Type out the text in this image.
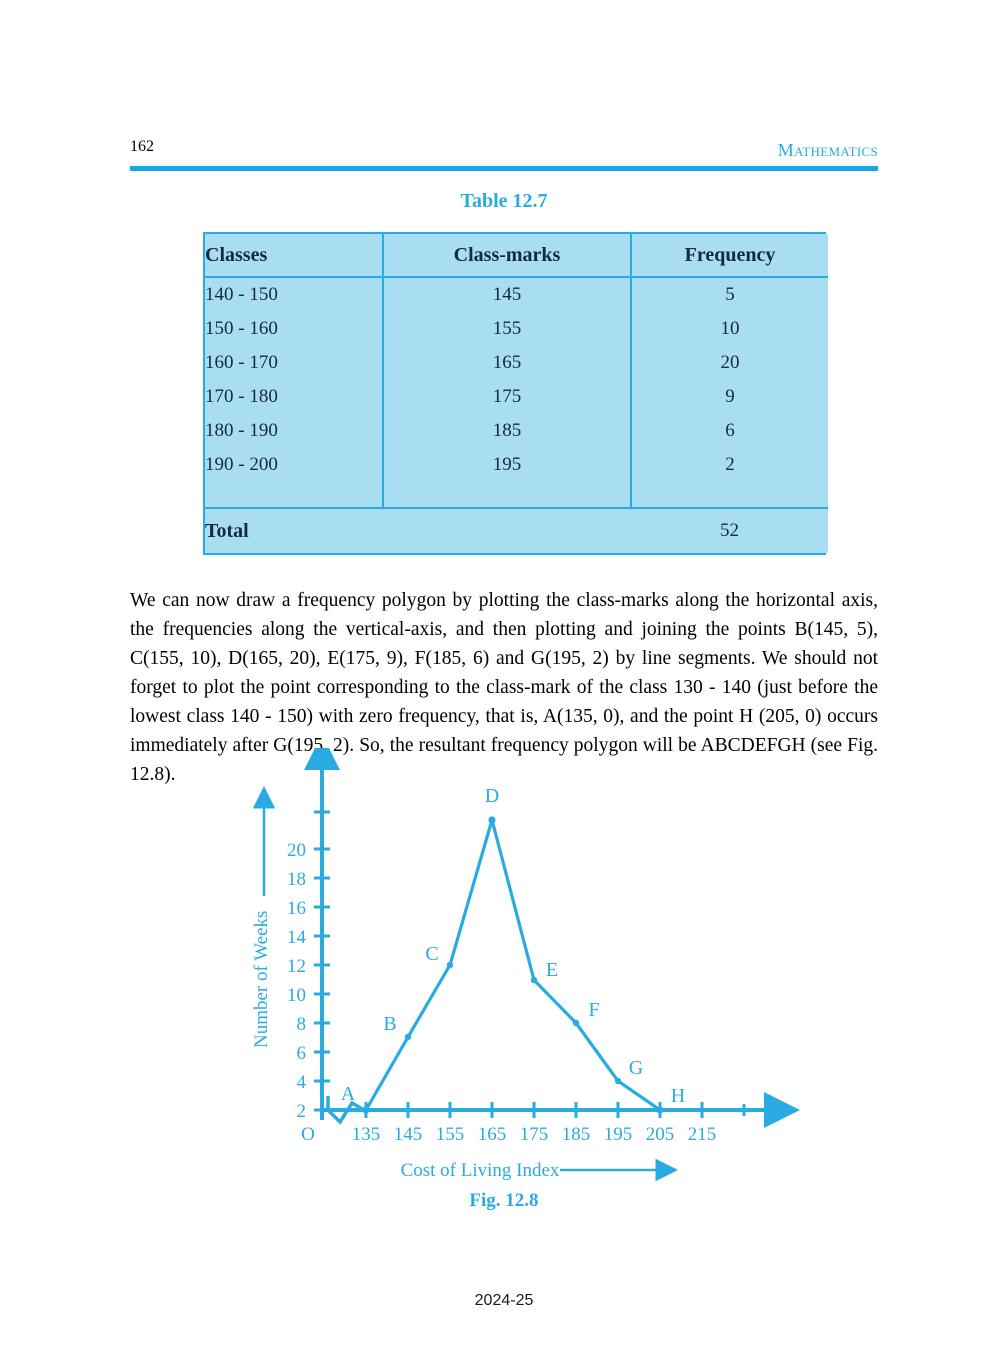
162	Mathematics
Table 12.7
Classes	Class-marks	Frequency
140 - 150	145	5
150 - 160	155	10
160 - 170	165	20
170 - 180	175	9
180 - 190	185	6
190 - 200	195	2

Total		52

We can now draw a frequency polygon by plotting the class-marks along the horizontal axis, the frequencies along the vertical-axis, and then plotting and joining the points B(145, 5), C(155, 10), D(165, 20), E(175, 9), F(185, 6) and G(195, 2) by line segments. We should not forget to plot the point corresponding to the class-mark of the class 130 - 140 (just before the lowest class 140 - 150) with zero frequency, that is, A(135, 0), and the point H (205, 0) occurs immediately after G(195, 2). So, the resultant frequency polygon will be ABCDEFGH (see Fig. 12.8).

2
4
6
8
10
12
14
16
18
20
Number of Weeks
135 145 155 165 175 185 195 205 215
O
Cost of Living Index
A
B
C
D
E
F
G
H
Fig. 12.8
2024-25
